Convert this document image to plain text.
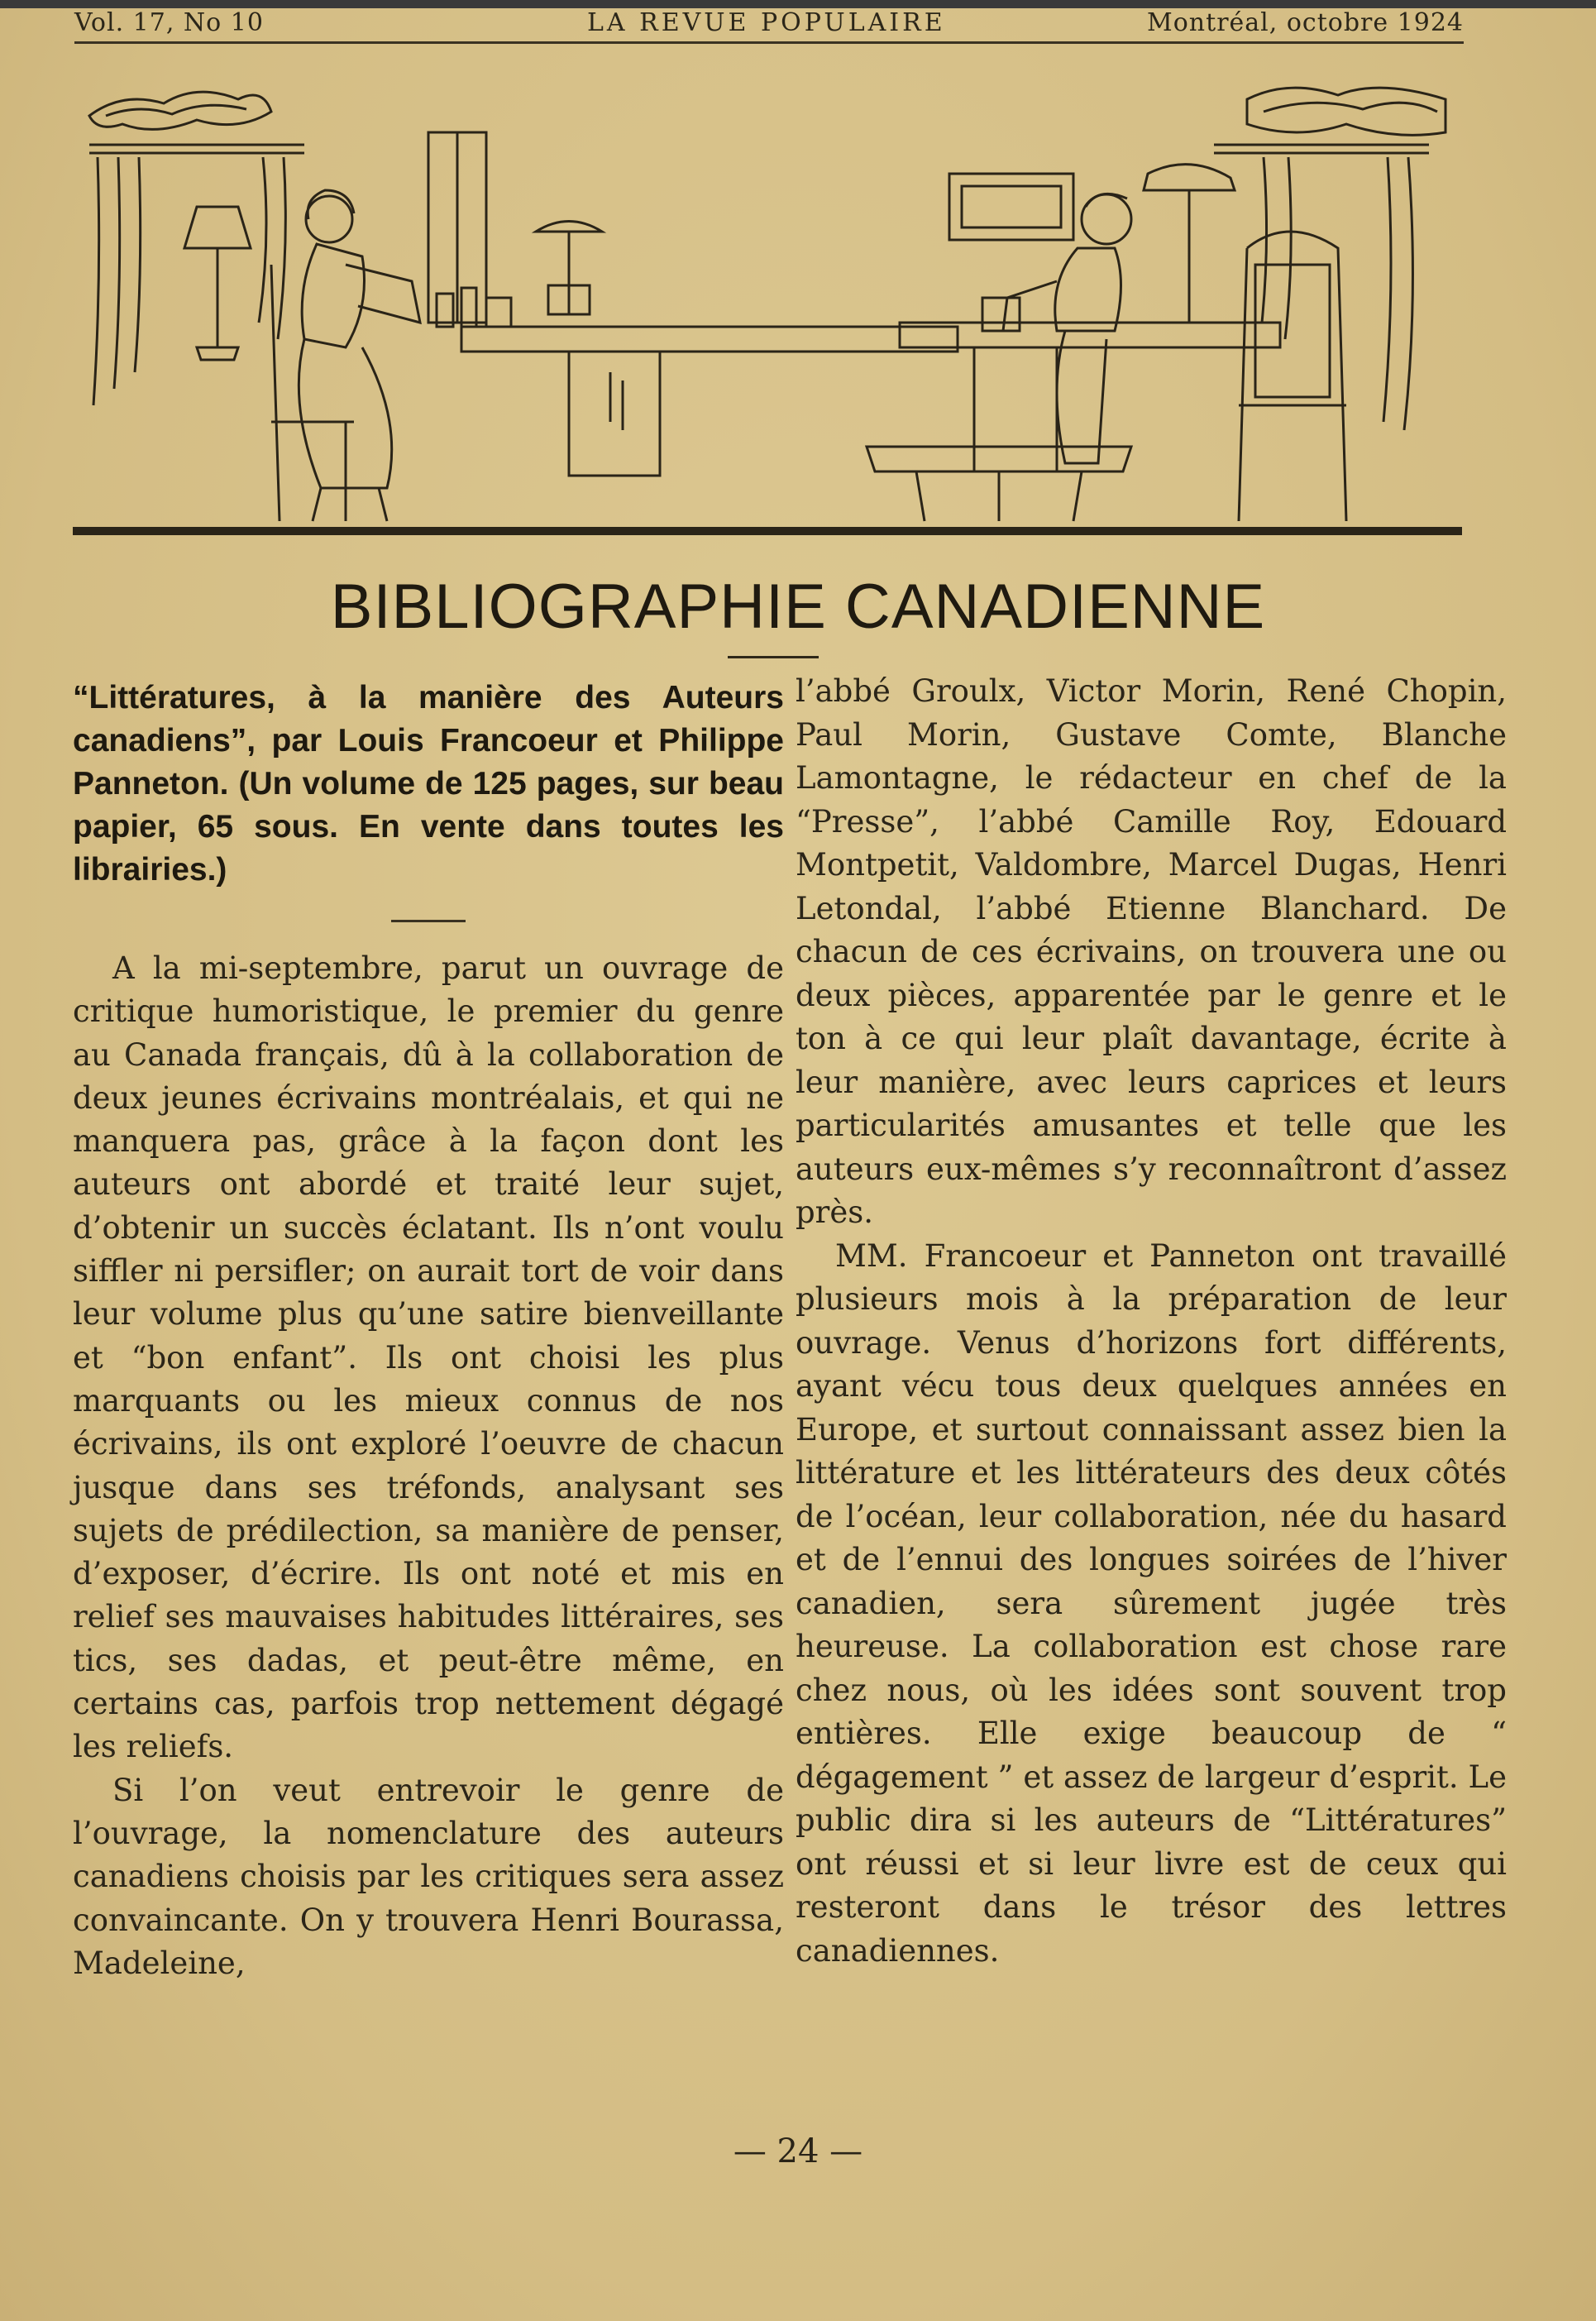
Vol. 17, No 10	LA REVUE POPULAIRE	Montréal, octobre 1924
BIBLIOGRAPHIE CANADIENNE

“Littératures, à la manière des Auteurs canadiens”, par Louis Francoeur et Philippe Panneton. (Un volume de 125 pages, sur beau papier, 65 sous. En vente dans toutes les librairies.)

A la mi-septembre, parut un ouvrage de critique humoristique, le premier du genre au Canada français, dû à la collaboration de deux jeunes écrivains montréalais, et qui ne manquera pas, grâce à la façon dont les auteurs ont abordé et traité leur sujet, d’obtenir un succès éclatant. Ils n’ont voulu siffler ni persifler; on aurait tort de voir dans leur volume plus qu’une satire bienveillante et “bon enfant”. Ils ont choisi les plus marquants ou les mieux connus de nos écrivains, ils ont exploré l’oeuvre de chacun jusque dans ses tréfonds, analysant ses sujets de prédilection, sa manière de penser, d’exposer, d’écrire. Ils ont noté et mis en relief ses mauvaises habitudes littéraires, ses tics, ses dadas, et peut-être même, en certains cas, parfois trop nettement dégagé les reliefs.

Si l’on veut entrevoir le genre de l’ouvrage, la nomenclature des auteurs canadiens choisis par les critiques sera assez convaincante. On y trouvera Henri Bourassa, Madeleine,

l’abbé Groulx, Victor Morin, René Chopin, Paul Morin, Gustave Comte, Blanche Lamontagne, le rédacteur en chef de la “Presse”, l’abbé Camille Roy, Edouard Montpetit, Valdombre, Marcel Dugas, Henri Letondal, l’abbé Etienne Blanchard. De chacun de ces écrivains, on trouvera une ou deux pièces, apparentée par le genre et le ton à ce qui leur plaît davantage, écrite à leur manière, avec leurs caprices et leurs particularités amusantes et telle que les auteurs eux-mêmes s’y reconnaîtront d’assez près.

MM. Francoeur et Panneton ont travaillé plusieurs mois à la préparation de leur ouvrage. Venus d’horizons fort différents, ayant vécu tous deux quelques années en Europe, et surtout connaissant assez bien la littérature et les littérateurs des deux côtés de l’océan, leur collaboration, née du hasard et de l’ennui des longues soirées de l’hiver canadien, sera sûrement jugée très heureuse. La collaboration est chose rare chez nous, où les idées sont souvent trop entières. Elle exige beaucoup de “ dégagement ” et assez de largeur d’esprit. Le public dira si les auteurs de “Littératures” ont réussi et si leur livre est de ceux qui resteront dans le trésor des lettres canadiennes.

— 24 —
